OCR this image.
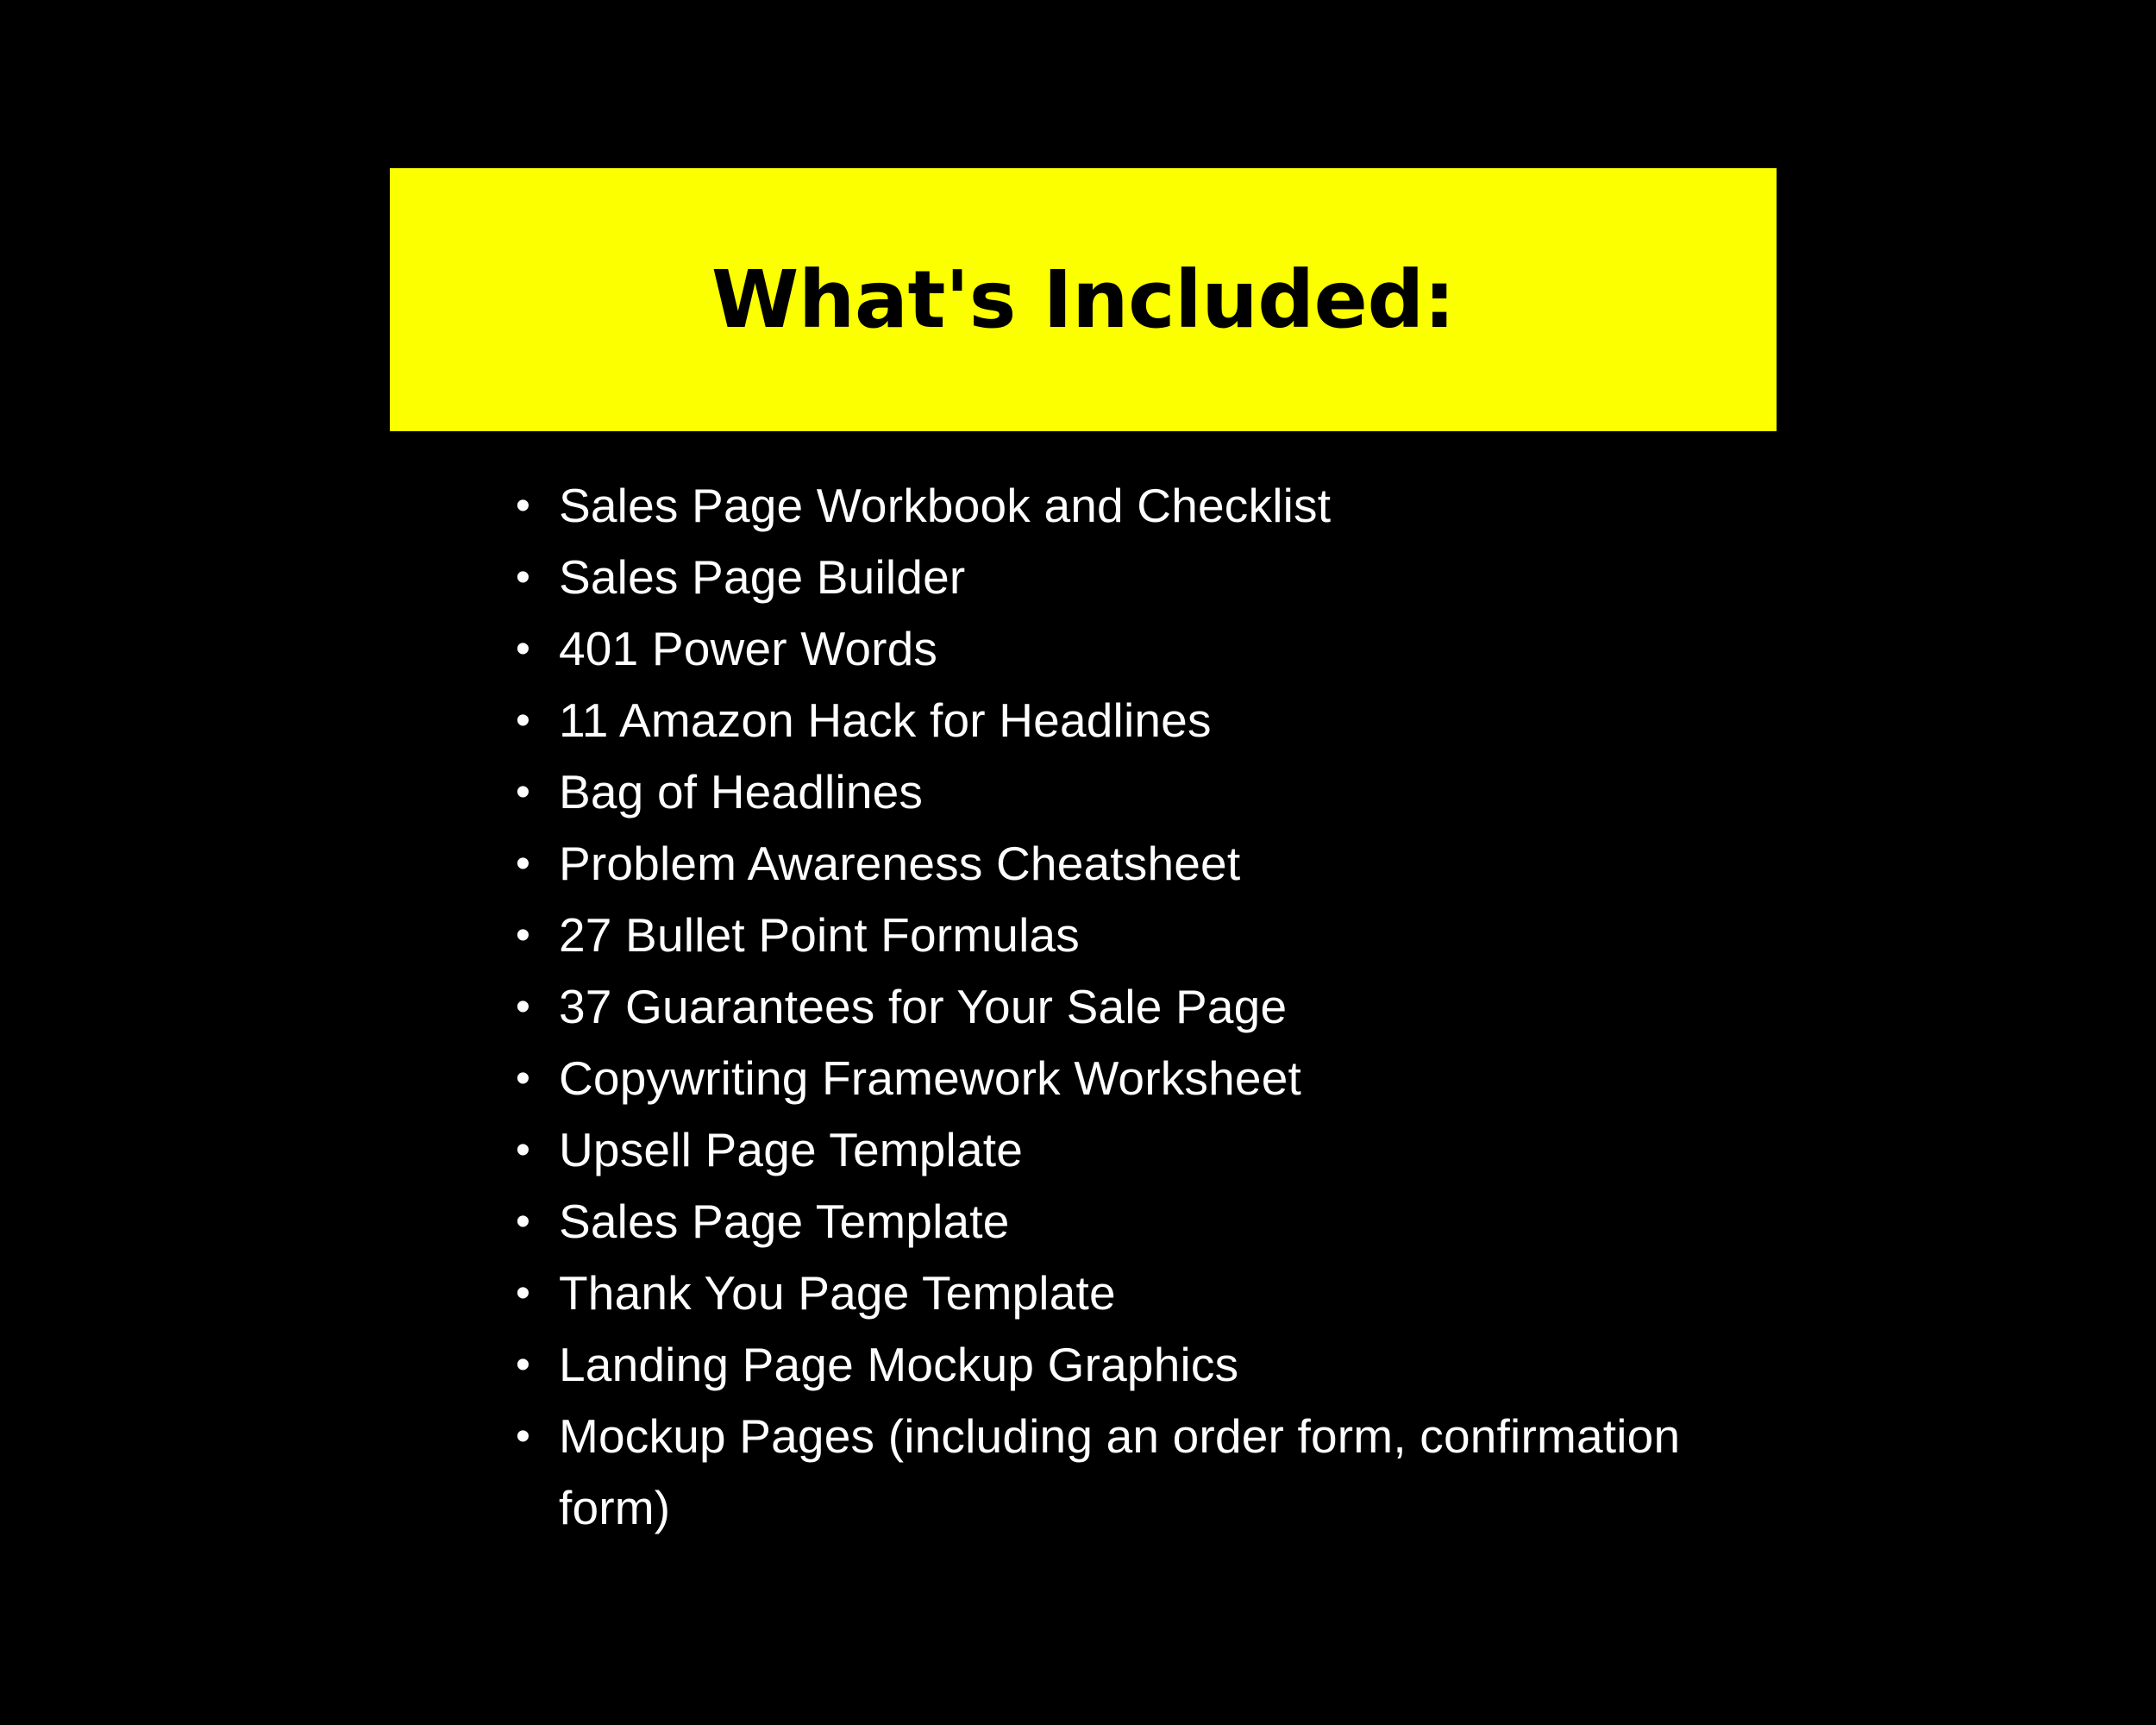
What's Included:
• Sales Page Workbook and Checklist
• Sales Page Builder
• 401 Power Words
• 11 Amazon Hack for Headlines
• Bag of Headlines
• Problem Awareness Cheatsheet
• 27 Bullet Point Formulas
• 37 Guarantees for Your Sale Page
• Copywriting Framework Worksheet
• Upsell Page Template
• Sales Page Template
• Thank You Page Template
• Landing Page Mockup Graphics
• Mockup Pages (including an order form, confirmation form)
